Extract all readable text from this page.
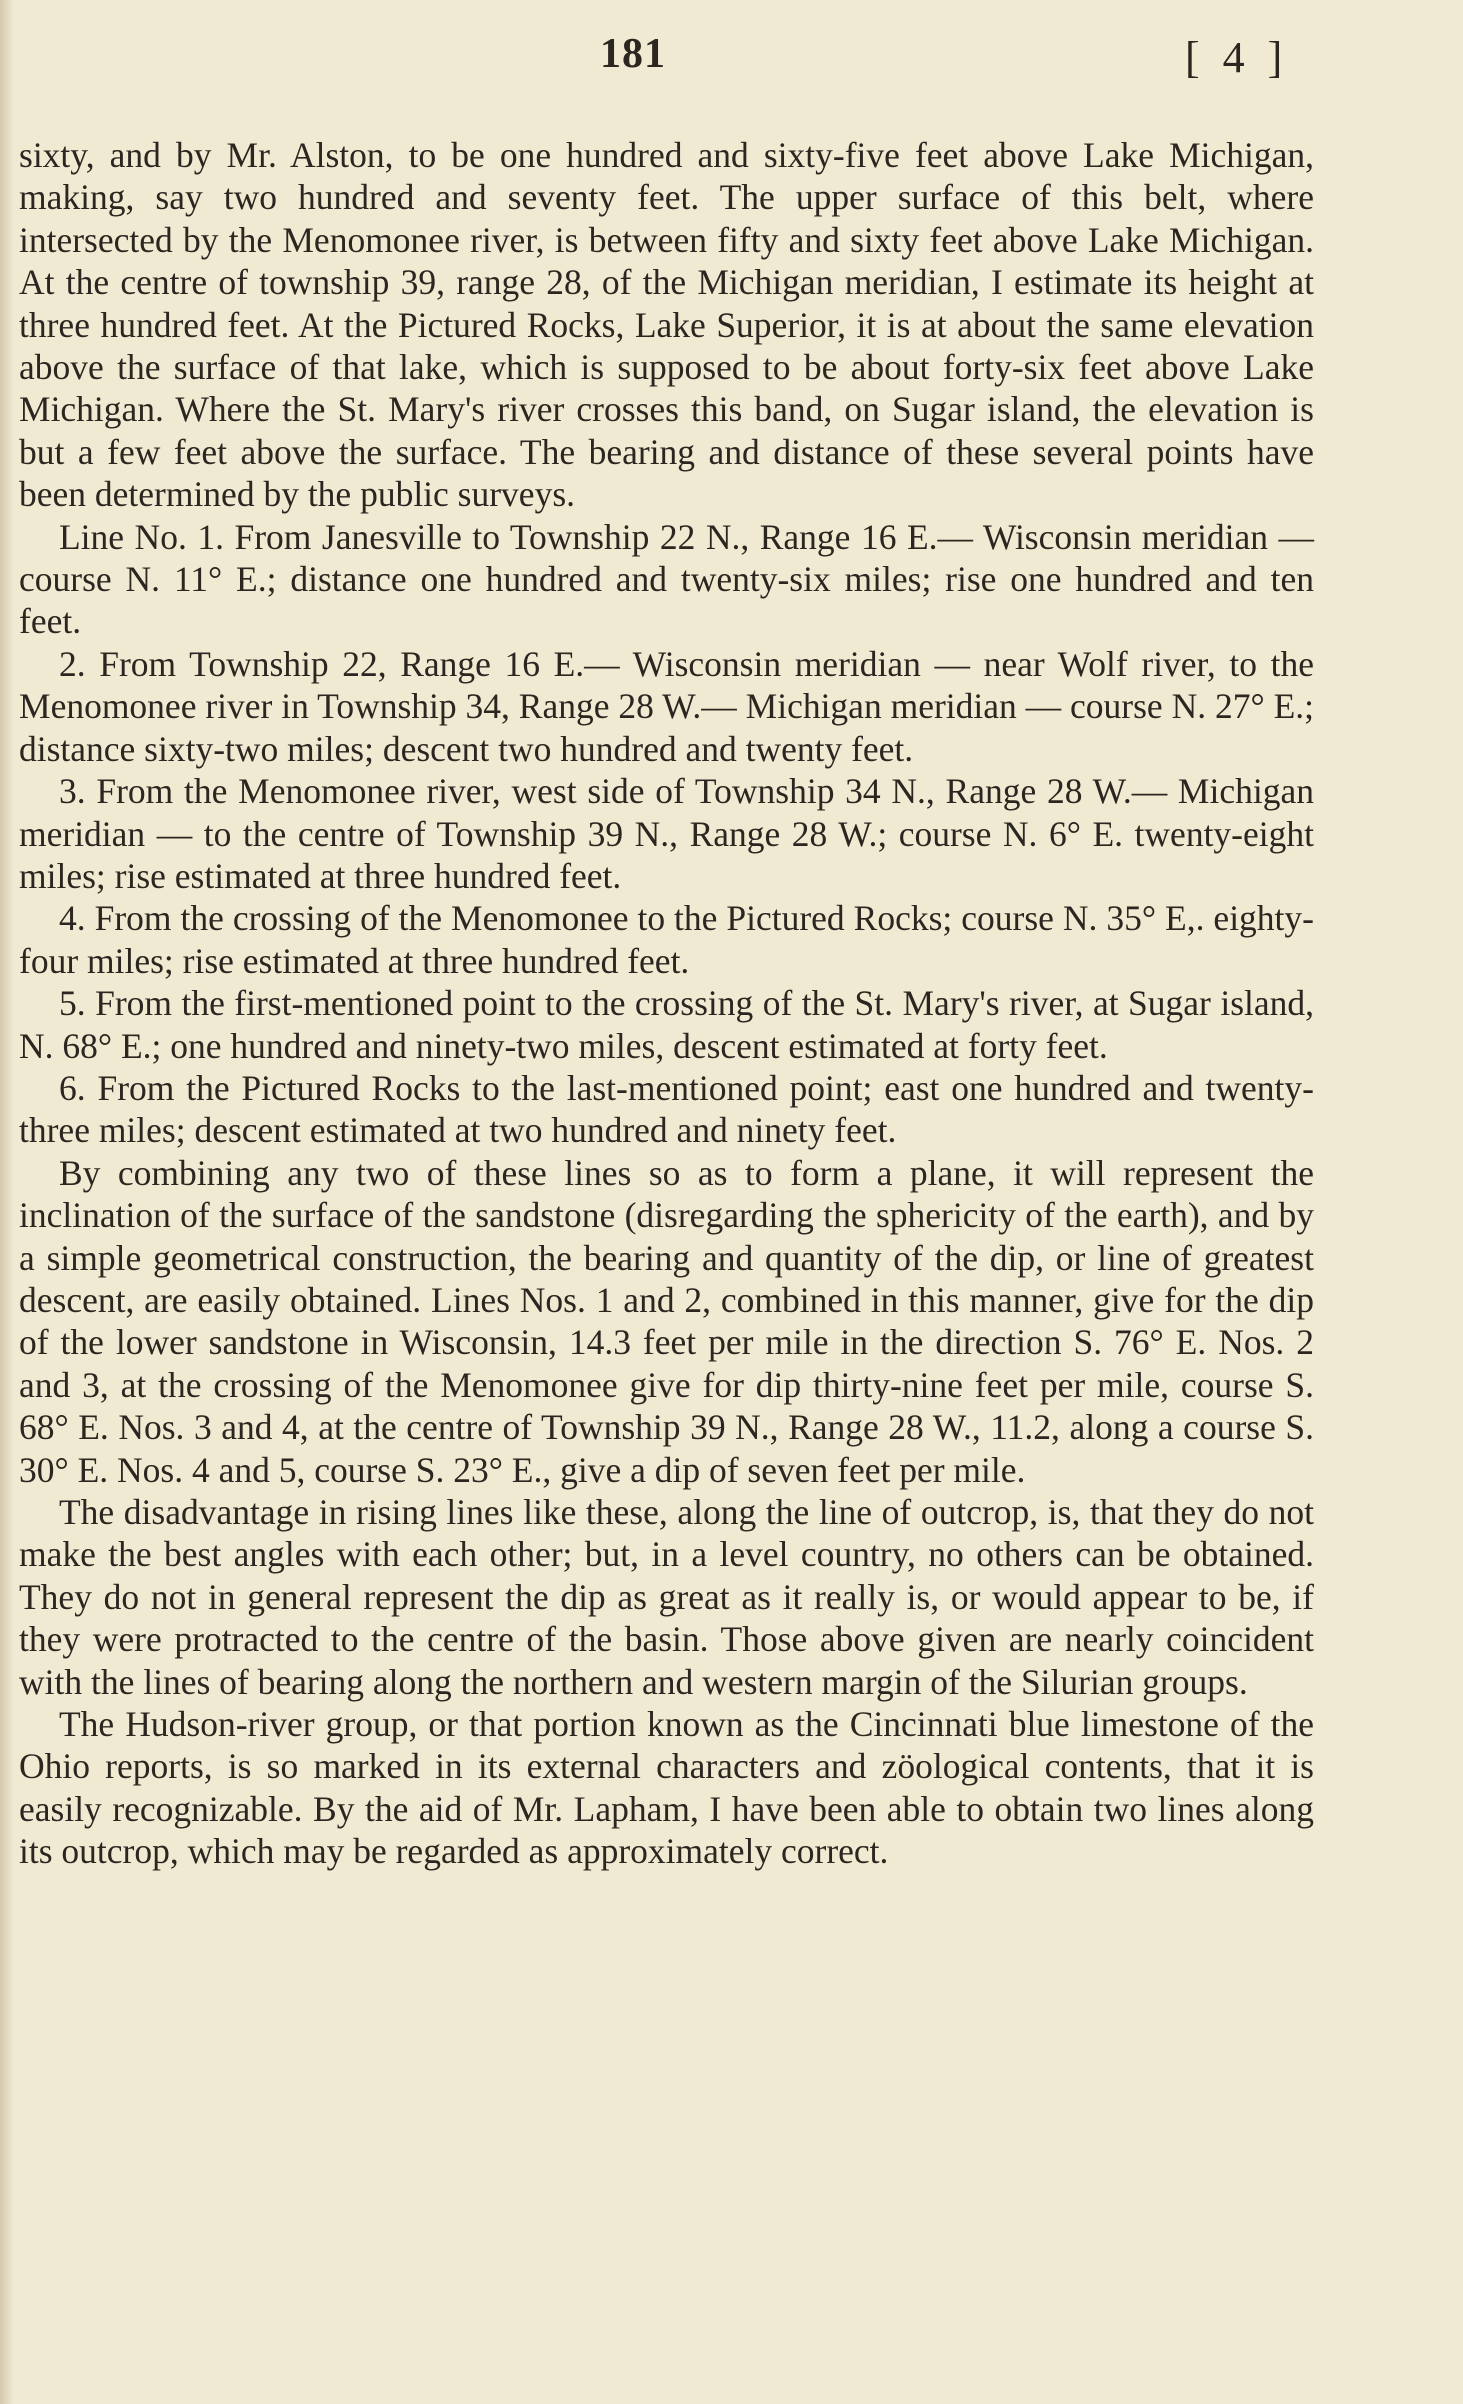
181	[ 4 ]

sixty, and by Mr. Alston, to be one hundred and sixty-five feet above Lake Michigan, making, say two hundred and seventy feet. The upper surface of this belt, where intersected by the Menomonee river, is between fifty and sixty feet above Lake Michigan. At the centre of township 39, range 28, of the Michigan meridian, I estimate its height at three hundred feet. At the Pictured Rocks, Lake Superior, it is at about the same elevation above the surface of that lake, which is supposed to be about forty-six feet above Lake Michigan. Where the St. Mary's river crosses this band, on Sugar island, the elevation is but a few feet above the surface. The bearing and distance of these several points have been determined by the public surveys.

Line No. 1. From Janesville to Township 22 N., Range 16 E.— Wisconsin meridian — course N. 11° E.; distance one hundred and twenty-six miles; rise one hundred and ten feet.

2. From Township 22, Range 16 E.— Wisconsin meridian — near Wolf river, to the Menomonee river in Township 34, Range 28 W.— Michigan meridian — course N. 27° E.; distance sixty-two miles; descent two hundred and twenty feet.

3. From the Menomonee river, west side of Township 34 N., Range 28 W.— Michigan meridian — to the centre of Township 39 N., Range 28 W.; course N. 6° E. twenty-eight miles; rise estimated at three hundred feet.

4. From the crossing of the Menomonee to the Pictured Rocks; course N. 35° E,. eighty-four miles; rise estimated at three hundred feet.

5. From the first-mentioned point to the crossing of the St. Mary's river, at Sugar island, N. 68° E.; one hundred and ninety-two miles, descent estimated at forty feet.

6. From the Pictured Rocks to the last-mentioned point; east one hundred and twenty-three miles; descent estimated at two hundred and ninety feet.

By combining any two of these lines so as to form a plane, it will represent the inclination of the surface of the sandstone (disregarding the sphericity of the earth), and by a simple geometrical construction, the bearing and quantity of the dip, or line of greatest descent, are easily obtained. Lines Nos. 1 and 2, combined in this manner, give for the dip of the lower sandstone in Wisconsin, 14.3 feet per mile in the direction S. 76° E. Nos. 2 and 3, at the crossing of the Menomonee give for dip thirty-nine feet per mile, course S. 68° E. Nos. 3 and 4, at the centre of Township 39 N., Range 28 W., 11.2, along a course S. 30° E. Nos. 4 and 5, course S. 23° E., give a dip of seven feet per mile.

The disadvantage in rising lines like these, along the line of outcrop, is, that they do not make the best angles with each other; but, in a level country, no others can be obtained. They do not in general represent the dip as great as it really is, or would appear to be, if they were protracted to the centre of the basin. Those above given are nearly coincident with the lines of bearing along the northern and western margin of the Silurian groups.

The Hudson-river group, or that portion known as the Cincinnati blue limestone of the Ohio reports, is so marked in its external characters and zöological contents, that it is easily recognizable. By the aid of Mr. Lapham, I have been able to obtain two lines along its outcrop, which may be regarded as approximately correct.
